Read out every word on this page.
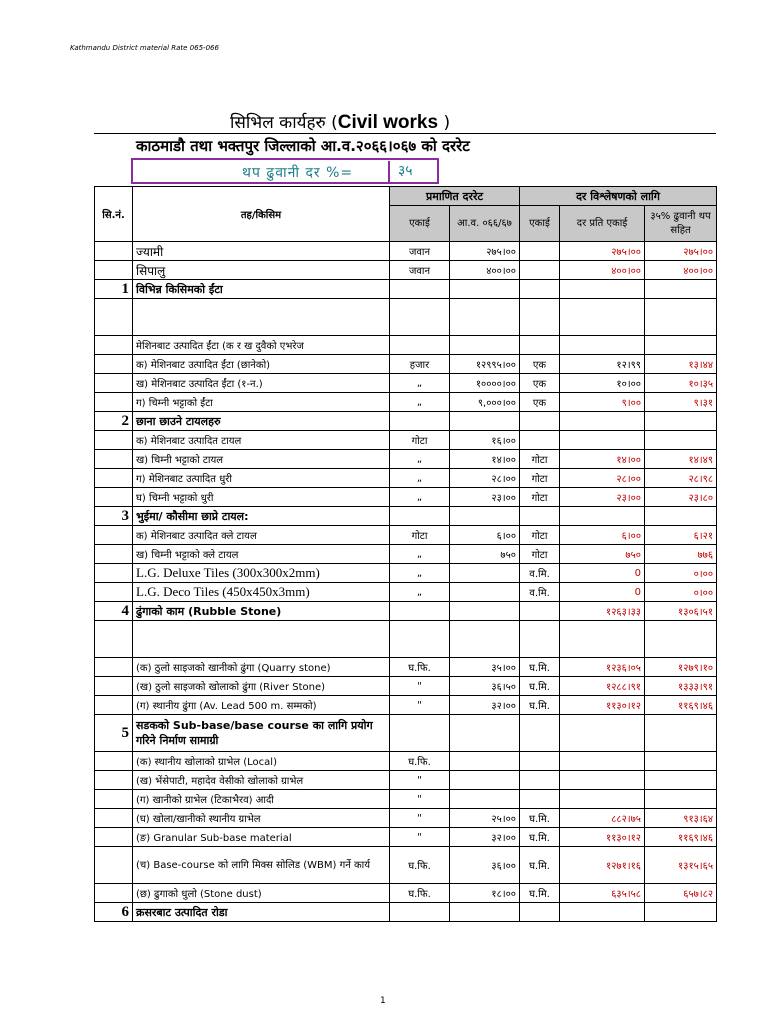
Kathmandu District material Rate 065-066
सिभिल कार्यहरु (Civil works )
काठमाडौ तथा भक्तपुर जिल्लाको आ.व.२०६६।०६७ को दररेट
थप ढुवानी दर %=	३५
सि.नं.	तह/किसिम	प्रमाणित दररेट		दर विश्लेषणको लागि		
		एकाई	आ.व. ०६६/६७	एकाई	दर प्रति एकाई	३५% ढुवानी थप सहित
	ज्यामी	जवान	२७५।००		२७५।००	२७५।००
	सिपालु	जवान	४००।००		४००।००	४००।००
1	विभिन्न किसिमको ईंटा					

	मेशिनबाट उत्पादित ईंटा (क र ख दुवैको एभरेज					
	क) मेशिनबाट उत्पादित ईंटा (छानेको)	हजार	१२९९५।००	एक	१२।९९	१३।४४
	ख) मेशिनबाट उत्पादित ईंटा (१-न.)	„	१००००।००	एक	१०।००	१०।३५
	ग) चिम्नी भट्टाको ईंटा	„	९,०००।००	एक	९।००	९।३१
2	छाना छाउने टायलहरु					
	क) मेशिनबाट उत्पादित टायल	गोटा	१६।००			
	ख) चिम्नी भट्टाको टायल	„	१४।००	गोटा	१४।००	१४।४९
	ग) मेशिनबाट उत्पादित धुरी	„	२८।००	गोटा	२८।००	२८।९८
	घ) चिम्नी भट्टाको धुरी	„	२३।००	गोटा	२३।००	२३।८०
3	भुईमा/ कौसीमा छाप्ने टायल:					
	क) मेशिनबाट उत्पादित क्ले टायल	गोटा	६।००	गोटा	६।००	६।२१
	ख) चिम्नी भट्टाको क्ले टायल	„	७५०	गोटा	७५०	७७६
	L.G. Deluxe Tiles (300x300x2mm)	„		व.मि.	0	०।००
	L.G. Deco Tiles (450x450x3mm)	„		व.मि.	0	०।००
4	ढुंगाको काम (Rubble Stone)				१२६३।३३	१३०६।५१

	(क) ठुलो साइजको खानीको ढुंगा (Quarry stone)	घ.फि.	३५।००	घ.मि.	१२३६।०५	१२७९।१०
	(ख) ठुलो साइजको खोलाको ढुंगा (River Stone)	"	३६।५०	घ.मि.	१२८८।९१	१३३३।९१
	(ग) स्थानीय ढुंगा (Av. Lead 500 m. सम्मको)	"	३२।००	घ.मि.	११३०।१२	११६९।४६
5	सडकको Sub-base/base course का लागि प्रयोग गरिने निर्माण सामाग्री					
	(क) स्थानीय खोलाको ग्राभेल (Local)	घ.फि.				
	(ख) भेंसेपाटी, महादेव वेसीको खोलाको ग्राभेल	"				
	(ग) खानीको ग्राभेल (टिकाभैरव) आदी	"				
	(घ) खोला/खानीको स्थानीय ग्राभेल	"	२५।००	घ.मि.	८८२।७५	९१३।६४
	(ङ) Granular Sub-base material	"	३२।००	घ.मि.	११३०।१२	११६९।४६
	(च) Base-course को लागि मिक्स सोलिड (WBM) गर्ने कार्य	घ.फि.	३६।००	घ.मि.	१२७१।१६	१३१५।६५
	(छ) ढुगाको धुलो (Stone dust)	घ.फि.	१८।००	घ.मि.	६३५।५८	६५७।८२
6	क्रसरबाट उत्पादित रोडा					
1
